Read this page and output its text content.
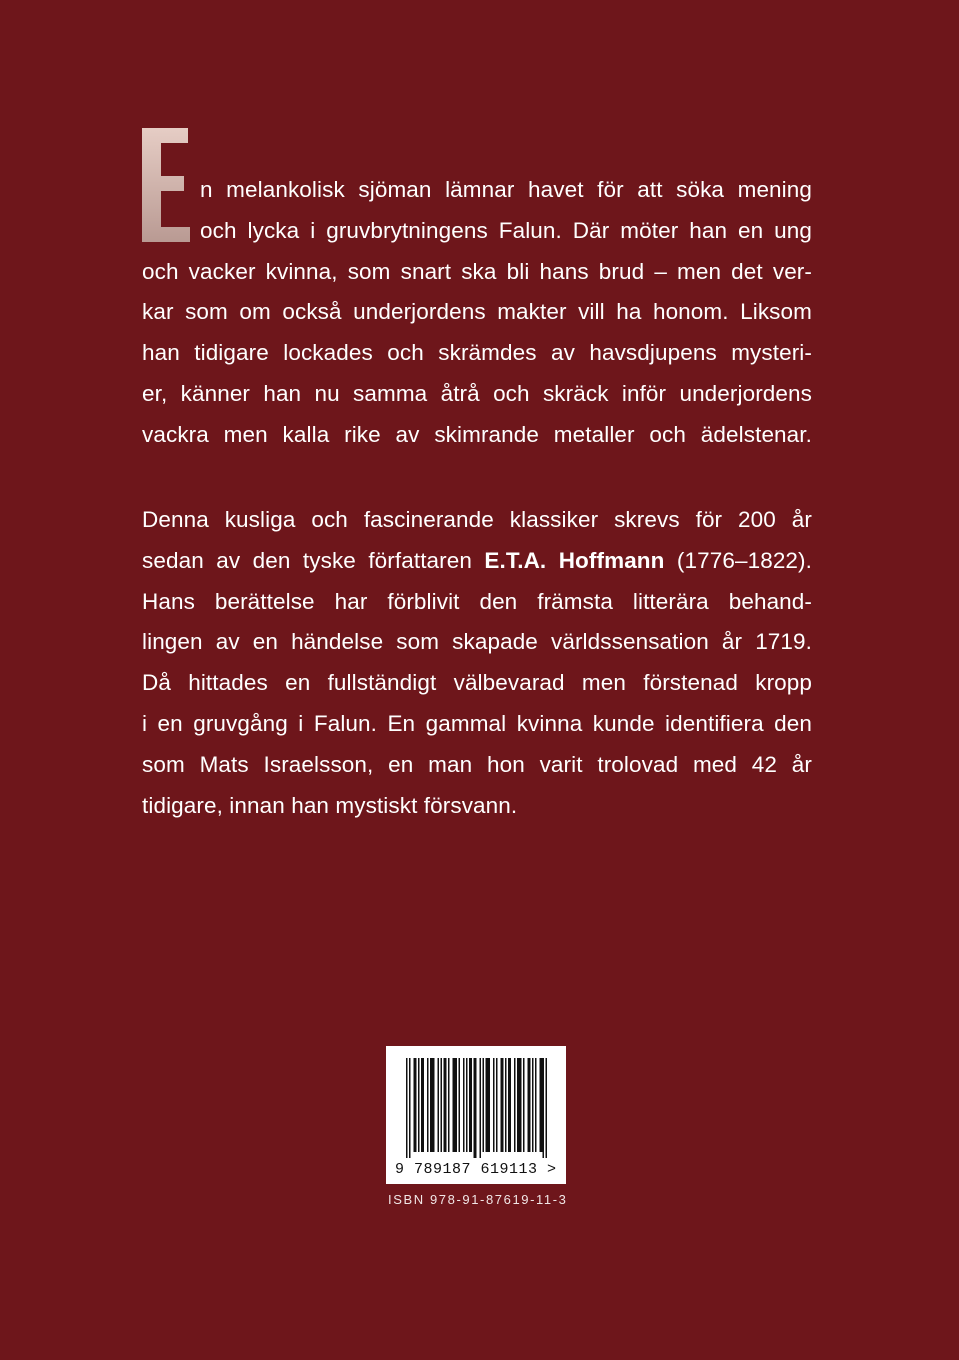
n melankolisk sjöman lämnar havet för att söka mening
och lycka i gruvbrytningens Falun. Där möter han en ung
och vacker kvinna, som snart ska bli hans brud – men det ver-
kar som om också underjordens makter vill ha honom. Liksom
han tidigare lockades och skrämdes av havsdjupens mysteri-
er, känner han nu samma åtrå och skräck inför underjordens
vackra men kalla rike av skimrande metaller och ädelstenar.
Denna kusliga och fascinerande klassiker skrevs för 200 år
sedan av den tyske författaren E.T.A. Hoffmann (1776–1822).
Hans berättelse har förblivit den främsta litterära behand-
lingen av en händelse som skapade världssensation år 1719.
Då hittades en fullständigt välbevarad men förstenad kropp
i en gruvgång i Falun. En gammal kvinna kunde identifiera den
som Mats Israelsson, en man hon varit trolovad med 42 år
tidigare, innan han mystiskt försvann.
9 789187 619113 >
ISBN 978-91-87619-11-3
